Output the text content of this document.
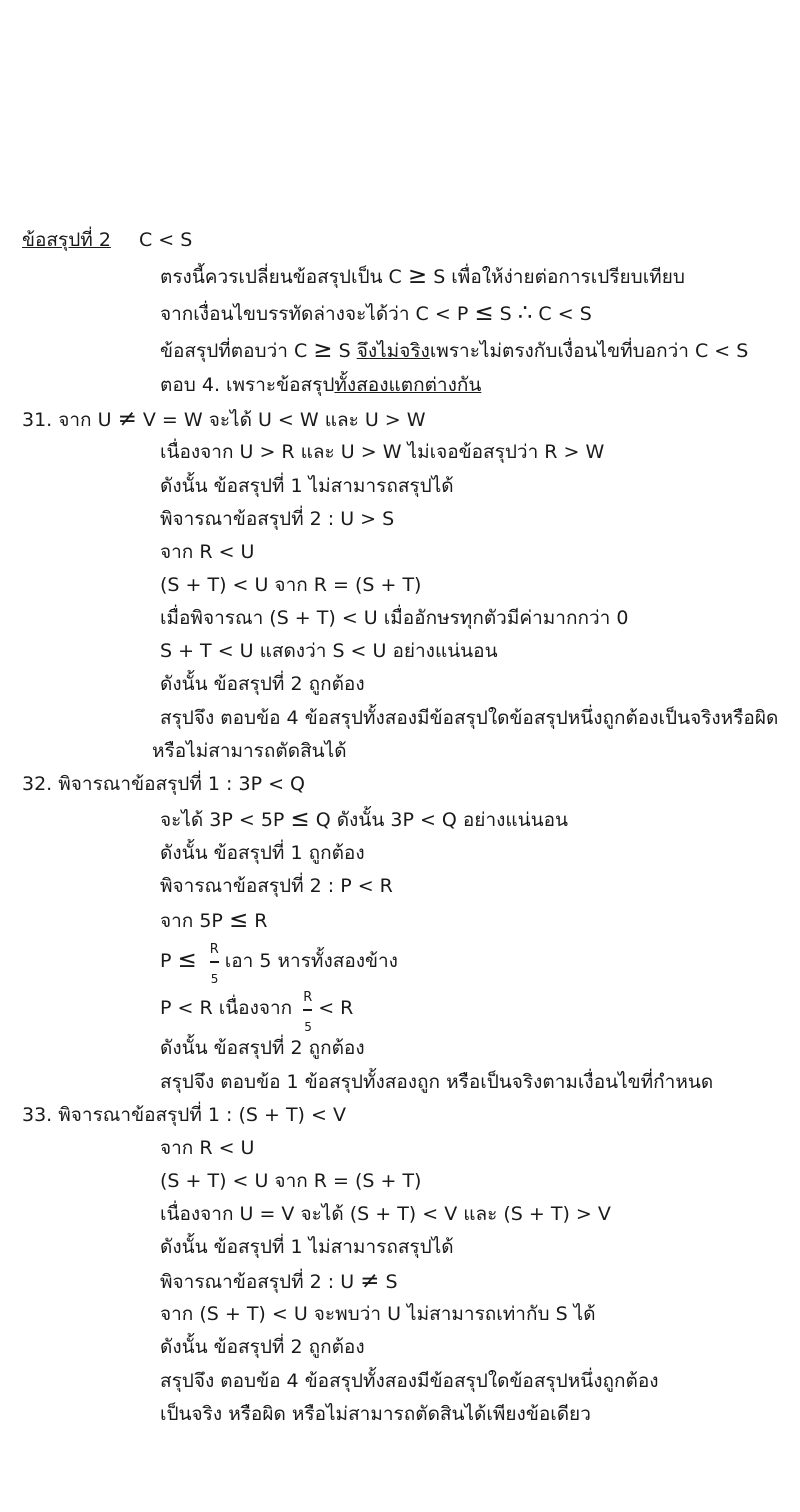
ข้อสรุปที่ 2 C < S
ตรงนี้ควรเปลี่ยนข้อสรุปเป็น C ≥ S เพื่อให้ง่ายต่อการเปรียบเทียบ
จากเงื่อนไขบรรทัดล่างจะได้ว่า C < P ≤ S ∴ C < S
ข้อสรุปที่ตอบว่า C ≥ S จึงไม่จริงเพราะไม่ตรงกับเงื่อนไขที่บอกว่า C < S
ตอบ 4. เพราะข้อสรุปทั้งสองแตกต่างกัน
31. จาก U ≠ V = W จะได้ U < W และ U > W
เนื่องจาก U > R และ U > W ไม่เจอข้อสรุปว่า R > W
ดังนั้น ข้อสรุปที่ 1 ไม่สามารถสรุปได้
พิจารณาข้อสรุปที่ 2 : U > S
จาก R < U
(S + T) < U จาก R = (S + T)
เมื่อพิจารณา (S + T) < U เมื่ออักษรทุกตัวมีค่ามากกว่า 0
S + T < U แสดงว่า S < U อย่างแน่นอน
ดังนั้น ข้อสรุปที่ 2 ถูกต้อง
สรุปจึง ตอบข้อ 4 ข้อสรุปทั้งสองมีข้อสรุปใดข้อสรุปหนึ่งถูกต้องเป็นจริงหรือผิด
หรือไม่สามารถตัดสินได้
32. พิจารณาข้อสรุปที่ 1 : 3P < Q
จะได้ 3P < 5P ≤ Q ดังนั้น 3P < Q อย่างแน่นอน
ดังนั้น ข้อสรุปที่ 1 ถูกต้อง
พิจารณาข้อสรุปที่ 2 : P < R
จาก 5P ≤ R
$P \le \frac{R}{5}$ เอา 5 หารทั้งสองข้าง
P < R เนื่องจาก $\frac{R}{5} < R$
ดังนั้น ข้อสรุปที่ 2 ถูกต้อง
สรุปจึง ตอบข้อ 1 ข้อสรุปทั้งสองถูก หรือเป็นจริงตามเงื่อนไขที่กำหนด
33. พิจารณาข้อสรุปที่ 1 : (S + T) < V
จาก R < U
(S + T) < U จาก R = (S + T)
เนื่องจาก U = V จะได้ (S + T) < V และ (S + T) > V
ดังนั้น ข้อสรุปที่ 1 ไม่สามารถสรุปได้
พิจารณาข้อสรุปที่ 2 : U ≠ S
จาก (S + T) < U จะพบว่า U ไม่สามารถเท่ากับ S ได้
ดังนั้น ข้อสรุปที่ 2 ถูกต้อง
สรุปจึง ตอบข้อ 4 ข้อสรุปทั้งสองมีข้อสรุปใดข้อสรุปหนึ่งถูกต้อง
เป็นจริง หรือผิด หรือไม่สามารถตัดสินได้เพียงข้อเดียว
